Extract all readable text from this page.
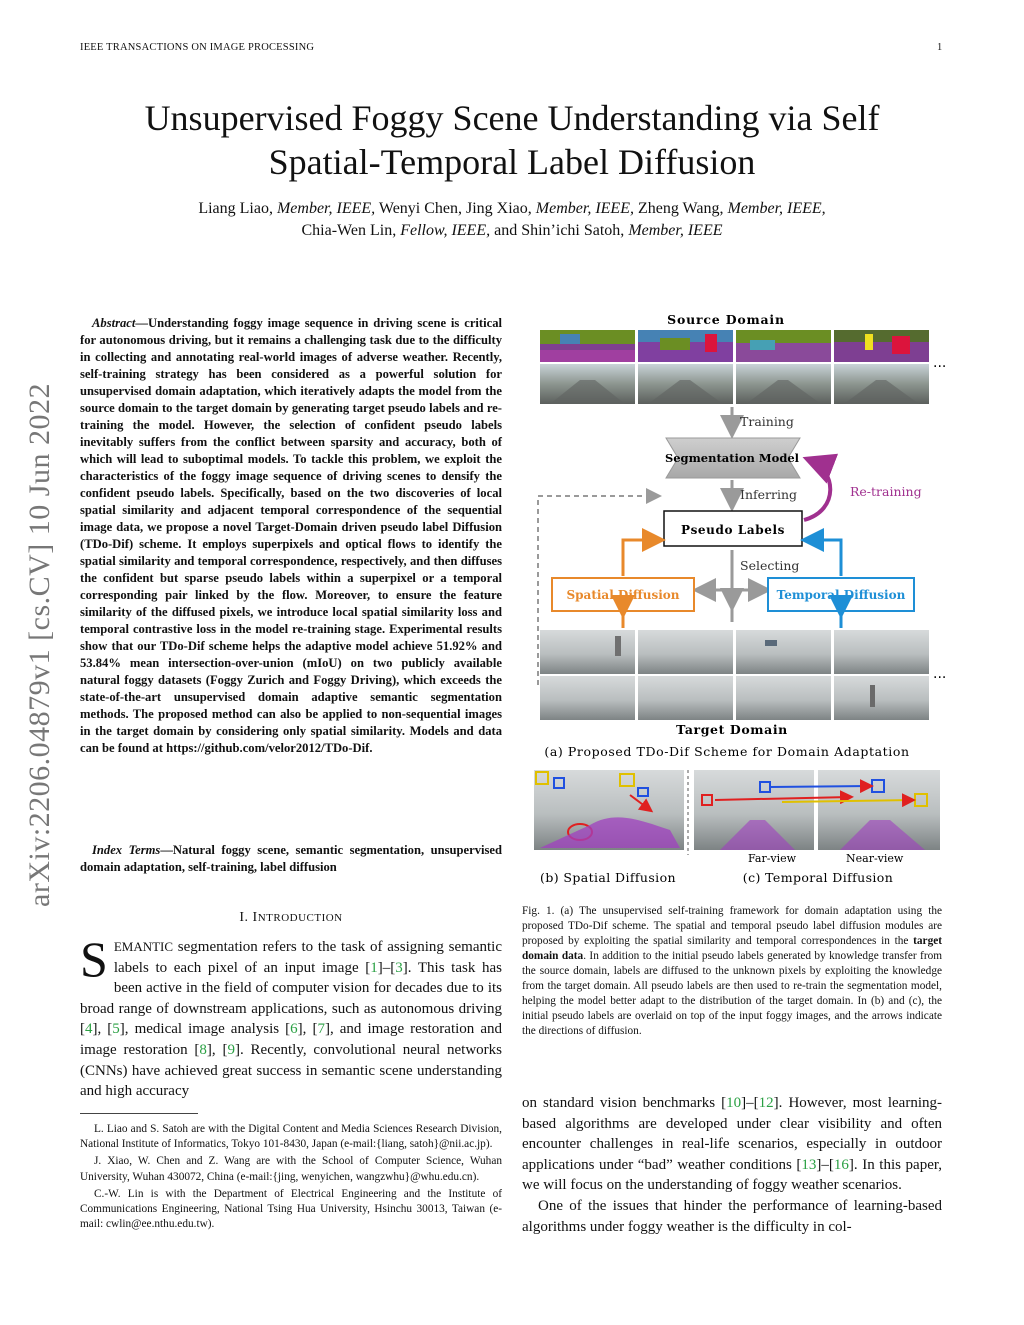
IEEE TRANSACTIONS ON IMAGE PROCESSING	1
Unsupervised Foggy Scene Understanding via Self
Spatial-Temporal Label Diffusion
Liang Liao, Member, IEEE, Wenyi Chen, Jing Xiao, Member, IEEE, Zheng Wang, Member, IEEE,
Chia-Wen Lin, Fellow, IEEE, and Shin’ichi Satoh, Member, IEEE
arXiv:2206.04879v1 [cs.CV] 10 Jun 2022
Abstract—Understanding foggy image sequence in driving scene is critical for autonomous driving, but it remains a challenging task due to the difficulty in collecting and annotating real-world images of adverse weather. Recently, self-training strategy has been considered as a powerful solution for unsupervised domain adaptation, which iteratively adapts the model from the source domain to the target domain by generating target pseudo labels and re-training the model. However, the selection of confident pseudo labels inevitably suffers from the conflict between sparsity and accuracy, both of which will lead to suboptimal models. To tackle this problem, we exploit the characteristics of the foggy image sequence of driving scenes to densify the confident pseudo labels. Specifically, based on the two discoveries of local spatial similarity and adjacent temporal correspondence of the sequential image data, we propose a novel Target-Domain driven pseudo label Diffusion (TDo-Dif) scheme. It employs superpixels and optical flows to identify the spatial similarity and temporal correspondence, respectively, and then diffuses the confident but sparse pseudo labels within a superpixel or a temporal corresponding pair linked by the flow. Moreover, to ensure the feature similarity of the diffused pixels, we introduce local spatial similarity loss and temporal contrastive loss in the model re-training stage. Experimental results show that our TDo-Dif scheme helps the adaptive model achieve 51.92% and 53.84% mean intersection-over-union (mIoU) on two publicly available natural foggy datasets (Foggy Zurich and Foggy Driving), which exceeds the state-of-the-art unsupervised domain adaptive semantic segmentation methods. The proposed method can also be applied to non-sequential images in the target domain by considering only spatial similarity. Models and data can be found at https://github.com/velor2012/TDo-Dif.
Index Terms—Natural foggy scene, semantic segmentation, unsupervised domain adaptation, self-training, label diffusion
I. INTRODUCTION
SEMANTIC segmentation refers to the task of assigning semantic labels to each pixel of an input image [1]–[3]. This task has been active in the field of computer vision for decades due to its broad range of downstream applications, such as autonomous driving [4], [5], medical image analysis [6], [7], and image restoration and image restoration [8], [9]. Recently, convolutional neural networks (CNNs) have achieved great success in semantic scene understanding and high accuracy

L. Liao and S. Satoh are with the Digital Content and Media Sciences Research Division, National Institute of Informatics, Tokyo 101-8430, Japan (e-mail:{liang, satoh}@nii.ac.jp).

J. Xiao, W. Chen and Z. Wang are with the School of Computer Science, Wuhan University, Wuhan 430072, China (e-mail:{jing, wenyichen, wangzwhu}@whu.edu.cn).

C.-W. Lin is with the Department of Electrical Engineering and the Institute of Communications Engineering, National Tsing Hua University, Hsinchu 30013, Taiwan (e-mail: cwlin@ee.nthu.edu.tw).

Source Domain
...
Training
Segmentation Model
Inferring	Re-training
Pseudo Labels
Selecting
Spatial Diffusion	Temporal Diffusion
...
Target Domain
(a) Proposed TDo-Dif Scheme for Domain Adaptation
Far-view	Near-view
(b) Spatial Diffusion	(c) Temporal Diffusion
Fig. 1. (a) The unsupervised self-training framework for domain adaptation using the proposed TDo-Dif scheme. The spatial and temporal pseudo label diffusion modules are proposed by exploiting the spatial similarity and temporal correspondences in the target domain data. In addition to the initial pseudo labels generated by knowledge transfer from the source domain, labels are diffused to the unknown pixels by exploiting the knowledge from the target domain. All pseudo labels are then used to re-train the segmentation model, helping the model better adapt to the distribution of the target domain. In (b) and (c), the initial pseudo labels are overlaid on top of the input foggy images, and the arrows indicate the directions of diffusion.

on standard vision benchmarks [10]–[12]. However, most learning-based algorithms are developed under clear visibility and often encounter challenges in real-life scenarios, especially in outdoor applications under “bad” weather conditions [13]–[16]. In this paper, we will focus on the understanding of foggy weather scenarios.

One of the issues that hinder the performance of learning-based algorithms under foggy weather is the difficulty in col-
